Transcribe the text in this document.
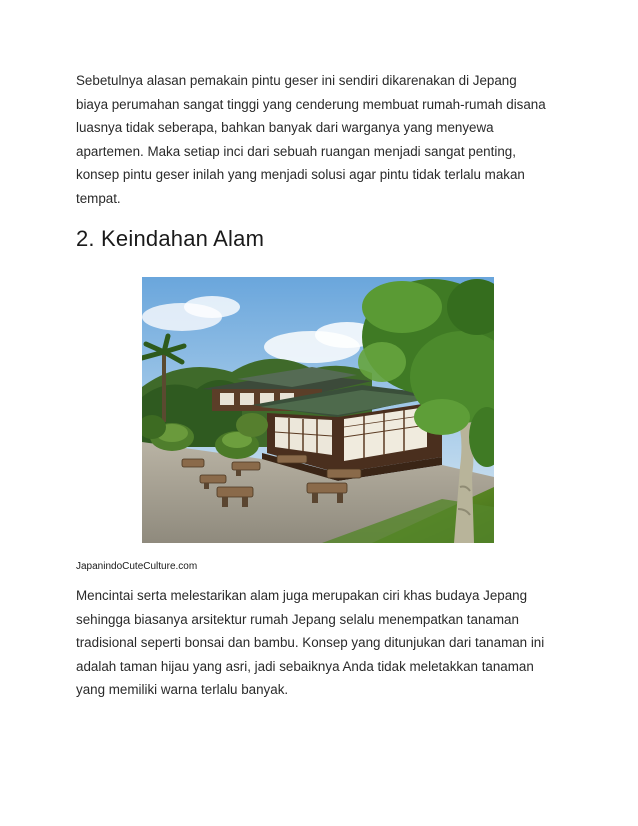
Sebetulnya alasan pemakain pintu geser ini sendiri dikarenakan di Jepang
biaya perumahan sangat tinggi yang cenderung membuat rumah-rumah disana
luasnya tidak seberapa, bahkan banyak dari warganya yang menyewa
apartemen. Maka setiap inci dari sebuah ruangan menjadi sangat penting,
konsep pintu geser inilah yang menjadi solusi agar pintu tidak terlalu makan
tempat.

2. Keindahan Alam

JapanindoCuteCulture.com

Mencintai serta melestarikan alam juga merupakan ciri khas budaya Jepang
sehingga biasanya arsitektur rumah Jepang selalu menempatkan tanaman
tradisional seperti bonsai dan bambu. Konsep yang ditunjukan dari tanaman ini
adalah taman hijau yang asri, jadi sebaiknya Anda tidak meletakkan tanaman
yang memiliki warna terlalu banyak.
